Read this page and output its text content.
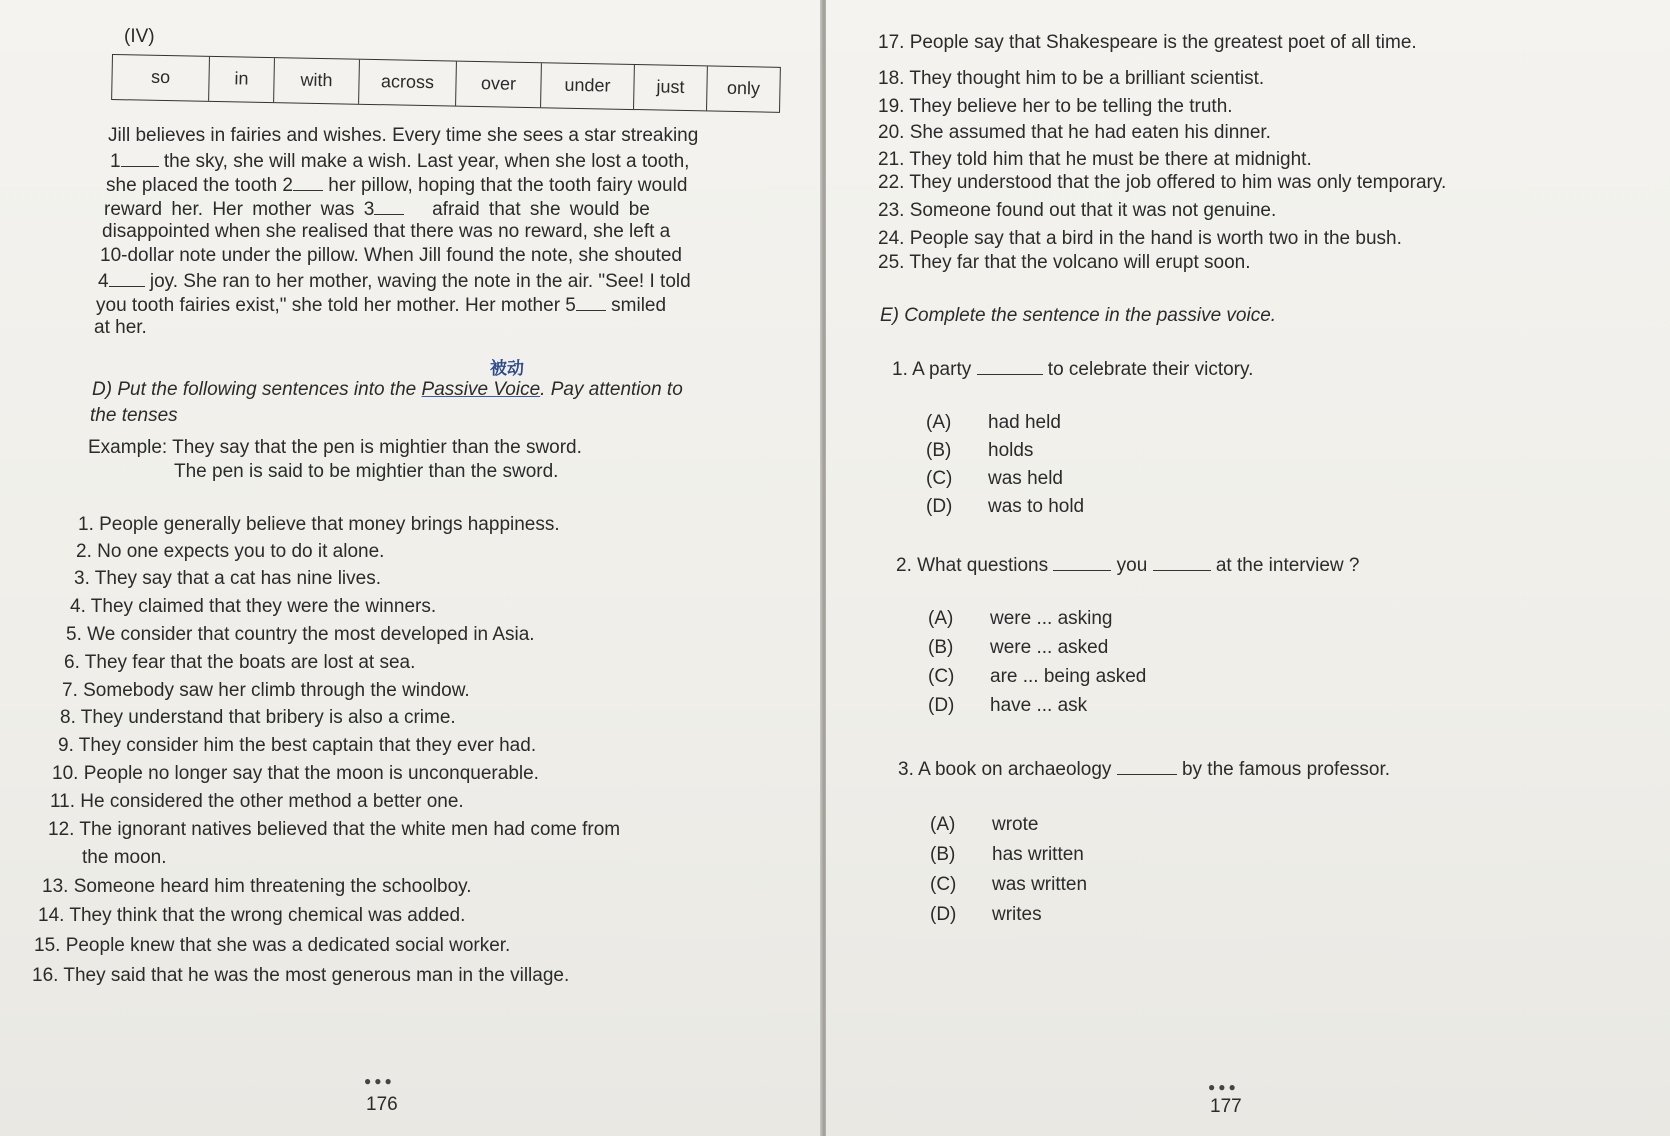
(IV)
so	in	with	across	over	under	just	only
Jill believes in fairies and wishes. Every time she sees a star streaking
1 the sky, she will make a wish. Last year, when she lost a tooth,
she placed the tooth 2 her pillow, hoping that the tooth fairy would
reward her. Her mother was 3	afraid that she would be
disappointed when she realised that there was no reward, she left a
10-dollar note under the pillow. When Jill found the note, she shouted
4 joy. She ran to her mother, waving the note in the air. "See! I told
you tooth fairies exist," she told her mother. Her mother 5 smiled
at her.
被动
D) Put the following sentences into the Passive Voice. Pay attention to
the tenses
Example: They say that the pen is mightier than the sword.
The pen is said to be mightier than the sword.
1. People generally believe that money brings happiness.
2. No one expects you to do it alone.
3. They say that a cat has nine lives.
4. They claimed that they were the winners.
5. We consider that country the most developed in Asia.
6. They fear that the boats are lost at sea.
7. Somebody saw her climb through the window.
8. They understand that bribery is also a crime.
9. They consider him the best captain that they ever had.
10. People no longer say that the moon is unconquerable.
11. He considered the other method a better one.
12. The ignorant natives believed that the white men had come from
the moon.
13. Someone heard him threatening the schoolboy.
14. They think that the wrong chemical was added.
15. People knew that she was a dedicated social worker.
16. They said that he was the most generous man in the village.
●●●
176
17. People say that Shakespeare is the greatest poet of all time.
18. They thought him to be a brilliant scientist.
19. They believe her to be telling the truth.
20. She assumed that he had eaten his dinner.
21. They told him that he must be there at midnight.
22. They understood that the job offered to him was only temporary.
23. Someone found out that it was not genuine.
24. People say that a bird in the hand is worth two in the bush.
25. They far that the volcano will erupt soon.
E) Complete the sentence in the passive voice.
1. A party	to celebrate their victory.
(A) had held
(B) holds
(C) was held
(D) was to hold
2. What questions	you	at the interview ?
(A) were ... asking
(B) were ... asked
(C) are ... being asked
(D) have ... ask
3. A book on archaeology	by the famous professor.
(A) wrote
(B) has written
(C) was written
(D) writes
●●●
177
